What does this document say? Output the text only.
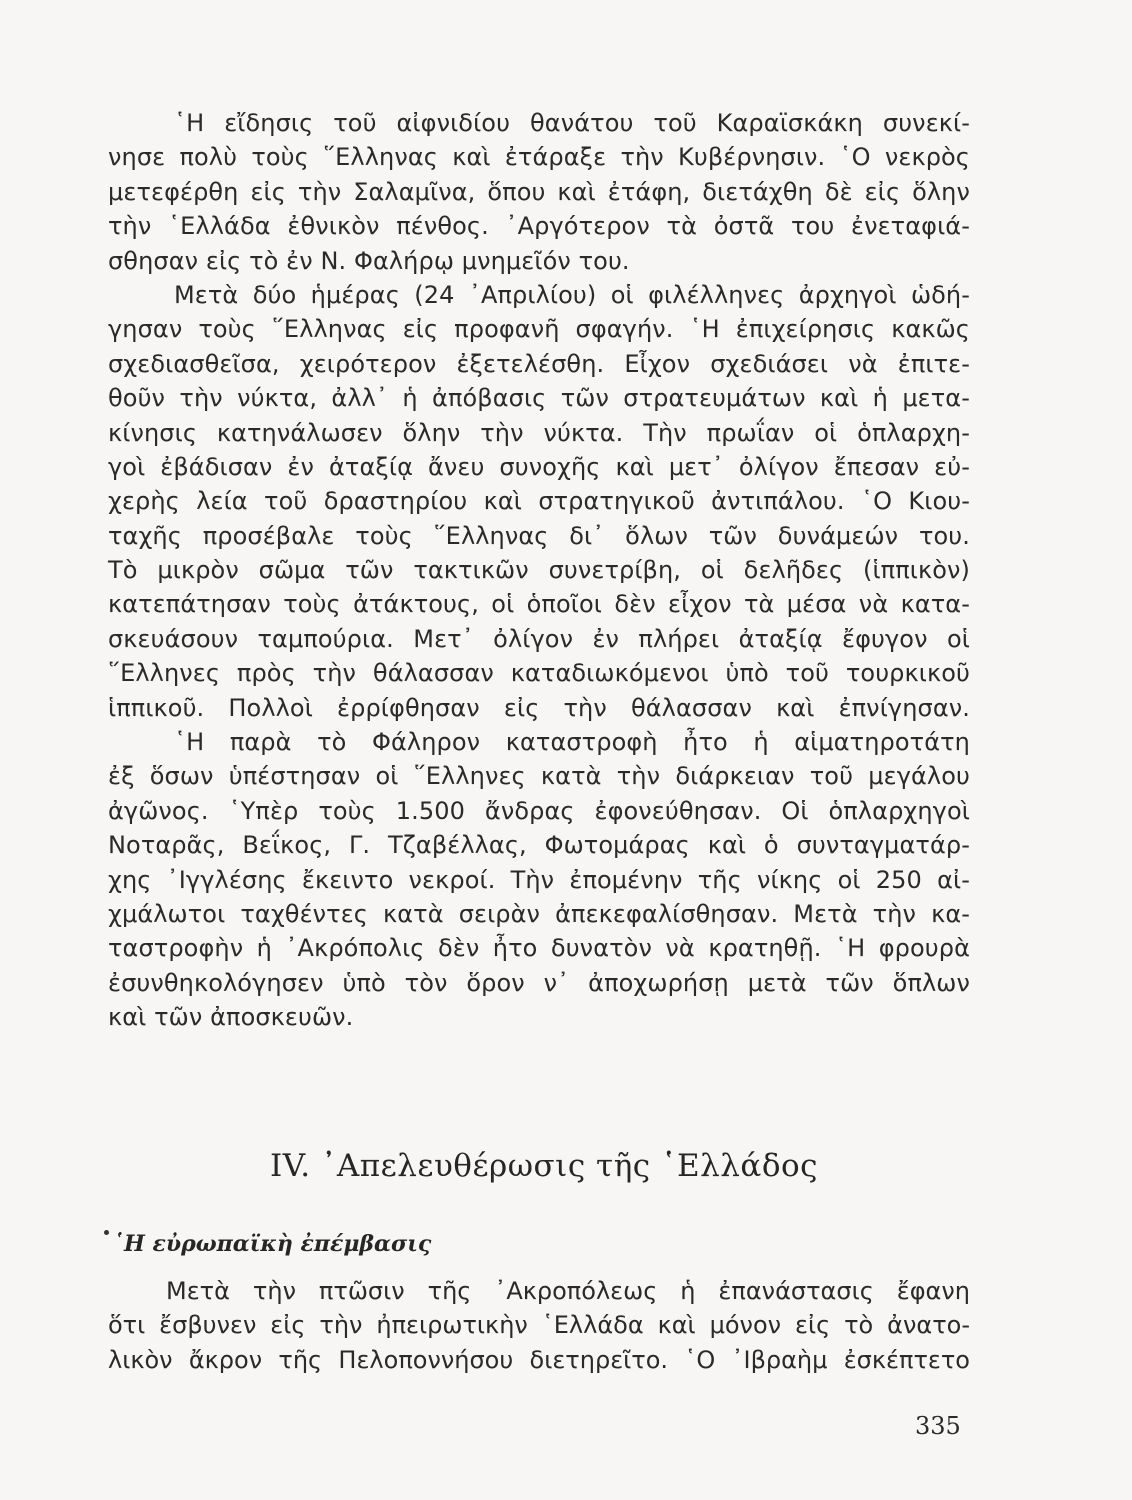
῾Η εἴδησις τοῦ αἰφνιδίου θανάτου τοῦ Καραϊσκάκη συνεκί-
νησε πολὺ τοὺς ῞Ελληνας καὶ ἐτάραξε τὴν Κυβέρνησιν. ῾Ο νεκρὸς
μετεφέρθη εἰς τὴν Σαλαμῖνα, ὅπου καὶ ἐτάφη, διετάχθη δὲ εἰς ὅλην
τὴν ῾Ελλάδα ἐθνικὸν πένθος. ᾿Αργότερον τὰ ὀστᾶ του ἐνεταφιά-
σθησαν εἰς τὸ ἐν Ν. Φαλήρῳ μνημεῖόν του.
Μετὰ δύο ἡμέρας (24 ᾿Απριλίου) οἱ φιλέλληνες ἀρχηγοὶ ὡδή-
γησαν τοὺς ῞Ελληνας εἰς προφανῆ σφαγήν. ῾Η ἐπιχείρησις κακῶς
σχεδιασθεῖσα, χειρότερον ἐξετελέσθη. Εἶχον σχεδιάσει νὰ ἐπιτε-
θοῦν τὴν νύκτα, ἀλλ᾿ ἡ ἀπόβασις τῶν στρατευμάτων καὶ ἡ μετα-
κίνησις κατηνάλωσεν ὅλην τὴν νύκτα. Τὴν πρωΐαν οἱ ὁπλαρχη-
γοὶ ἐβάδισαν ἐν ἀταξίᾳ ἄνευ συνοχῆς καὶ μετ᾿ ὀλίγον ἔπεσαν εὐ-
χερὴς λεία τοῦ δραστηρίου καὶ στρατηγικοῦ ἀντιπάλου. ῾Ο Κιου-
ταχῆς προσέβαλε τοὺς ῞Ελληνας δι᾿ ὅλων τῶν δυνάμεών του.
Τὸ μικρὸν σῶμα τῶν τακτικῶν συνετρίβη, οἱ δελῆδες (ἱππικὸν)
κατεπάτησαν τοὺς ἀτάκτους, οἱ ὁποῖοι δὲν εἶχον τὰ μέσα νὰ κατα-
σκευάσουν ταμπούρια. Μετ᾿ ὀλίγον ἐν πλήρει ἀταξίᾳ ἔφυγον οἱ
῞Ελληνες πρὸς τὴν θάλασσαν καταδιωκόμενοι ὑπὸ τοῦ τουρκικοῦ
ἱππικοῦ. Πολλοὶ ἐρρίφθησαν εἰς τὴν θάλασσαν καὶ ἐπνίγησαν.
῾Η παρὰ τὸ Φάληρον καταστροφὴ ἦτο ἡ αἱματηροτάτη
ἐξ ὅσων ὑπέστησαν οἱ ῞Ελληνες κατὰ τὴν διάρκειαν τοῦ μεγάλου
ἀγῶνος. ῾Υπὲρ τοὺς 1.500 ἄνδρας ἐφονεύθησαν. Οἱ ὁπλαρχηγοὶ
Νοταρᾶς, Βεΐκος, Γ. Τζαβέλλας, Φωτομάρας καὶ ὁ συνταγματάρ-
χης ᾿Ιγγλέσης ἔκειντο νεκροί. Τὴν ἐπομένην τῆς νίκης οἱ 250 αἰ-
χμάλωτοι ταχθέντες κατὰ σειρὰν ἀπεκεφαλίσθησαν. Μετὰ τὴν κα-
ταστροφὴν ἡ ᾿Ακρόπολις δὲν ἦτο δυνατὸν νὰ κρατηθῇ. ῾Η φρουρὰ
ἐσυνθηκολόγησεν ὑπὸ τὸν ὅρον ν᾿ ἀποχωρήσῃ μετὰ τῶν ὅπλων
καὶ τῶν ἀποσκευῶν.
IV. ᾿Απελευθέρωσις τῆς ῾Ελλάδος
῾Η εὐρωπαϊκὴ ἐπέμβασις
Μετὰ τὴν πτῶσιν τῆς ᾿Ακροπόλεως ἡ ἐπανάστασις ἔφανη
ὅτι ἔσβυνεν εἰς τὴν ἠπειρωτικὴν ῾Ελλάδα καὶ μόνον εἰς τὸ ἀνατο-
λικὸν ἄκρον τῆς Πελοποννήσου διετηρεῖτο. ῾Ο ᾿Ιβραὴμ ἐσκέπτετο
335
